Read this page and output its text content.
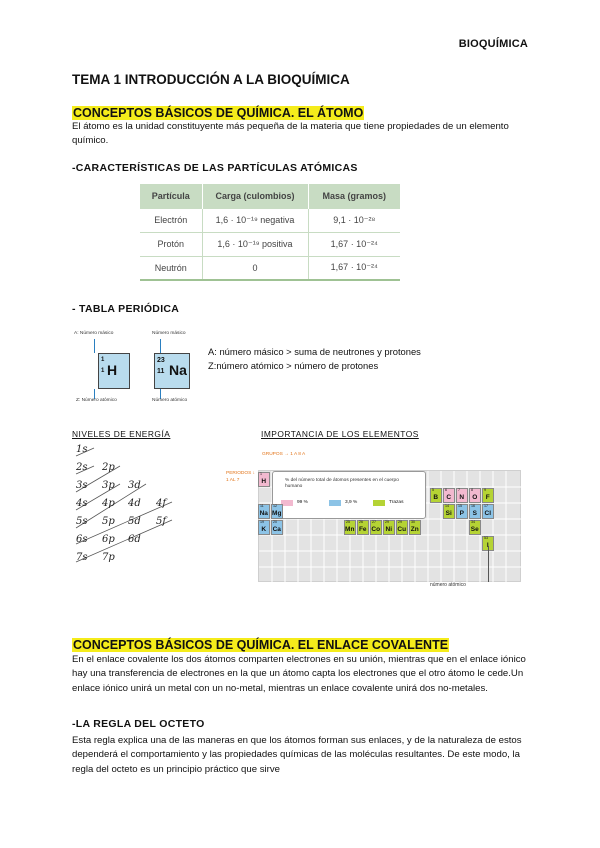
BIOQUÍMICA
TEMA 1 INTRODUCCIÓN A LA BIOQUÍMICA
CONCEPTOS BÁSICOS DE QUÍMICA. EL ÁTOMO
El átomo es la unidad constituyente más pequeña de la materia que tiene propiedades de un elemento químico.
-CARACTERÍSTICAS DE LAS PARTÍCULAS ATÓMICAS
Partícula	Carga (culombios)	Masa (gramos)
Electrón	1,6 · 10⁻¹⁹ negativa	9,1 · 10⁻²⁸
Protón	1,6 · 10⁻¹⁹ positiva	1,67 · 10⁻²⁴
Neutrón	0	1,67 · 10⁻²⁴
- TABLA PERIÓDICA
A: Número másico
1
1 H
Z: Número atómico
Número másico
23
11 Na
Número atómico
A: número másico > suma de neutrones y protones
Z:número atómico > número de protones
NIVELES DE ENERGÍA
1s
2s 2p
3s 3p 3d
4s 4p 4d 4f
5s 5p 5d 5f
6s 6p 6d
7s 7p
IMPORTANCIA DE LOS ELEMENTOS
GRUPOS → 1 A 8 A
PERIODOS ↓ 1 AL 7	% del número total de átomos presentes en el cuerpo humano
99 %	3,9 %	Trazas
1
H
11
Na
12
Mg
19
K
20
Ca
25
Mn
26
Fe
27
Co
29
Ni
29
Cu
30
Zn
5
B
6
C
7
N
8
O
9
F
14
Si
15
P
16
S
17
Cl
34
Se
53
número atómico
CONCEPTOS BÁSICOS DE QUÍMICA. EL ENLACE COVALENTE
En el enlace covalente los dos átomos comparten electrones en su unión, mientras que en el enlace iónico hay una transferencia de electrones en la que un átomo capta los electrones que el otro átomo le cede.Un enlace iónico unirá un metal con un no-metal, mientras un enlace covalente unirá dos no-metales.
-LA REGLA DEL OCTETO
Esta regla explica una de las maneras en que los átomos forman sus enlaces, y de la naturaleza de estos dependerá el comportamiento y las propiedades químicas de las moléculas resultantes. De este modo, la regla del octeto es un principio práctico que sirve
